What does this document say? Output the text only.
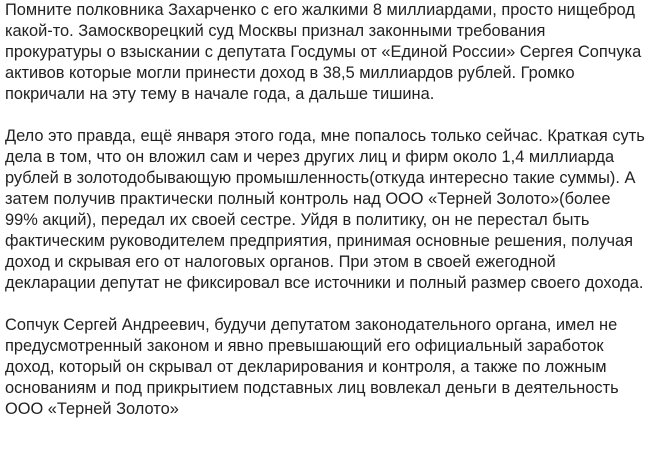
Помните полковника Захарченко с его жалкими 8 миллиардами, просто нищеброд какой-то. Замоскворецкий суд Москвы признал законными требования прокуратуры о взыскании с депутата Госдумы от «Единой России» Сергея Сопчука активов которые могли принести доход в 38,5 миллиардов рублей. Громко покричали на эту тему в начале года, а дальше тишина.

Дело это правда, ещё января этого года, мне попалось только сейчас. Краткая суть дела в том, что он вложил сам и через других лиц и фирм около 1,4 миллиарда рублей в золотодобывающую промышленность(откуда интересно такие суммы). А затем получив практически полный контроль над ООО «Терней Золото»(более 99% акций), передал их своей сестре. Уйдя в политику, он не перестал быть фактическим руководителем предприятия, принимая основные решения, получая доход и скрывая его от налоговых органов. При этом в своей ежегодной декларации депутат не фиксировал все источники и полный размер своего дохода.

Сопчук Сергей Андреевич, будучи депутатом законодательного органа, имел не предусмотренный законом и явно превышающий его официальный заработок доход, который он скрывал от декларирования и контроля, а также по ложным основаниям и под прикрытием подставных лиц вовлекал деньги в деятельность ООО «Терней Золото»
